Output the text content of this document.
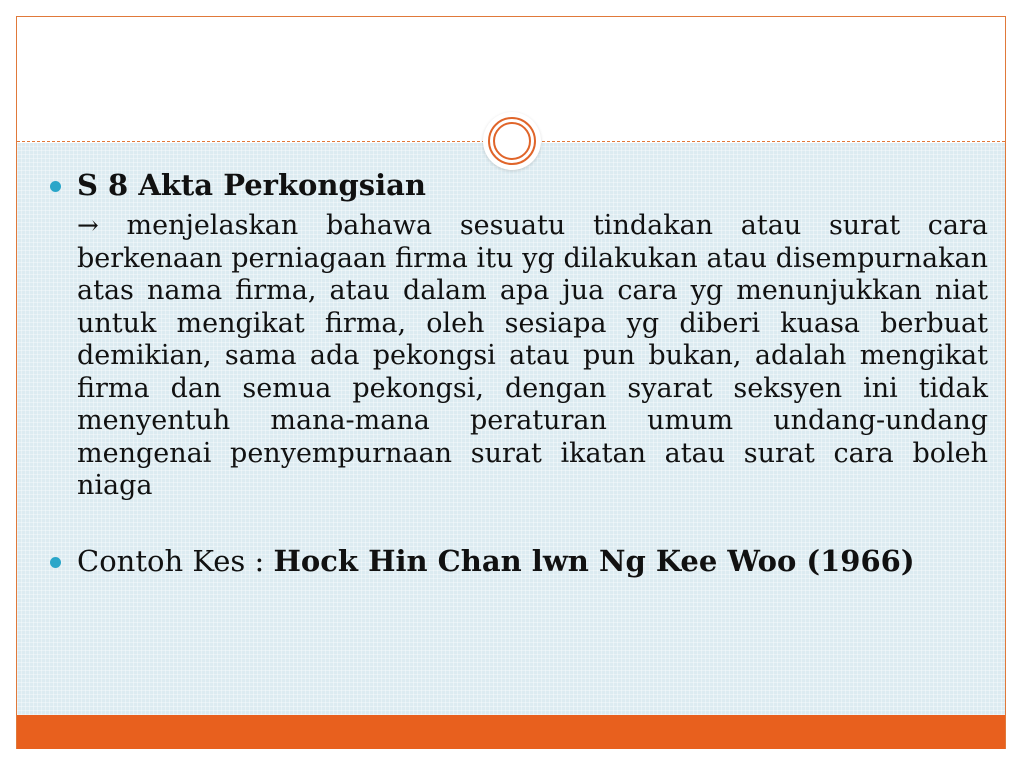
S 8 Akta Perkongsian

→ menjelaskan bahawa sesuatu tindakan atau surat cara berkenaan perniagaan firma itu yg dilakukan atau disempurnakan atas nama firma, atau dalam apa jua cara yg menunjukkan niat untuk mengikat firma, oleh sesiapa yg diberi kuasa berbuat demikian, sama ada pekongsi atau pun bukan, adalah mengikat firma dan semua pekongsi, dengan syarat seksyen ini tidak menyentuh mana-mana peraturan umum undang-undang mengenai penyempurnaan surat ikatan atau surat cara boleh niaga

Contoh Kes : Hock Hin Chan lwn Ng Kee Woo (1966)
